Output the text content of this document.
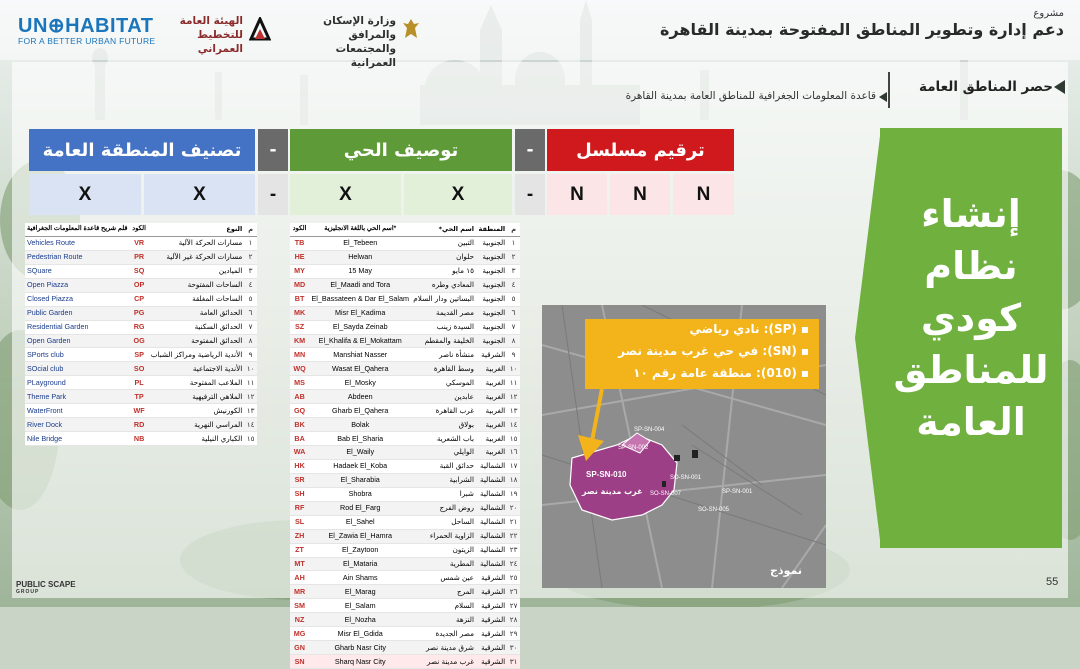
UN⊕HABITAT
FOR A BETTER URBAN FUTURE
الهيئة العامة
للتخطيط العمراني
وزارة الإسكان والمرافق
والمجتمعات العمرانية
مشروع
دعم إدارة وتطوير المناطق المفتوحة بمدينة القاهرة
حصر المناطق العامة
قاعدة المعلومات الجغرافية للمناطق العامة بمدينة القاهرة
تصنيف المنطقة العامة	-	توصيف الحي	-	ترقيم مسلسل
X	X	-	X	X	-	N	N	N	إنشاء
نظام
كودي
للمناطق
العامة
قلم شريح قاعدة المعلومات الجغرافية	الكود	النوع	م
Vehicles Route	VR	مسارات الحركة الآلية	١
Pedestrian Route	PR	مسارات الحركة غير الآلية	٢
SQuare	SQ	الميادين	٣
Open Piazza	OP	الساحات المفتوحة	٤
Closed Piazza	CP	الساحات المغلقة	٥
Public Garden	PG	الحدائق العامة	٦
Residential Garden	RG	الحدائق السكنية	٧
Open Garden	OG	الحدائق المفتوحة	٨
SPorts club	SP	الأندية الرياضية ومراكز الشباب	٩
SOcial club	SO	الأندية الاجتماعية	١٠
PLayground	PL	الملاعب المفتوحة	١١
Theme Park	TP	الملاهي الترفيهية	١٢
WaterFront	WF	الكورنيش	١٣
River Dock	RD	المراسي النهرية	١٤
Nile Bridge	NB	الكباري النيلية	١٥
الكود	اسم الحي باللغة الانجليزية*	اسم الحي*	المنطقة	م
TB	El_Tebeen	التبين	الجنوبية	١
HE	Helwan	حلوان	الجنوبية	٢
MY	15 May	١٥ مايو	الجنوبية	٣
MD	El_Maadi and Tora	المعادي وطره	الجنوبية	٤
BT	El_Bassateen & Dar El_Salam	البساتين ودار السلام	الجنوبية	٥
MK	Misr El_Kadima	مصر القديمة	الجنوبية	٦
SZ	El_Sayda Zeinab	السيدة زينب	الجنوبية	٧
KM	El_Khalifa & El_Mokattam	الخليفة والمقطم	الجنوبية	٨
MN	Manshiat Nasser	منشأة ناصر	الشرقية	٩
WQ	Wasat El_Qahera	وسط القاهرة	الغربية	١٠
MS	El_Mosky	الموسكي	الغربية	١١
AB	Abdeen	عابدين	الغربية	١٢
GQ	Gharb El_Qahera	غرب القاهرة	الغربية	١٣
BK	Bolak	بولاق	الغربية	١٤
BA	Bab El_Sharia	باب الشعرية	الغربية	١٥
WA	El_Waily	الوايلي	الغربية	١٦
HK	Hadaek El_Koba	حدائق القبة	الشمالية	١٧
SR	El_Sharabia	الشرابية	الشمالية	١٨
SH	Shobra	شبرا	الشمالية	١٩
RF	Rod El_Farg	روض الفرج	الشمالية	٢٠
SL	El_Sahel	الساحل	الشمالية	٢١
ZH	El_Zawia El_Hamra	الزاوية الحمراء	الشمالية	٢٢
ZT	El_Zaytoon	الزيتون	الشمالية	٢٣
MT	El_Mataria	المطرية	الشمالية	٢٤
AH	Ain Shams	عين شمس	الشرقية	٢٥
MR	El_Marag	المرج	الشرقية	٢٦
SM	El_Salam	السلام	الشرقية	٢٧
NZ	El_Nozha	النزهة	الشرقية	٢٨
MG	Misr El_Gdida	مصر الجديدة	الشرقية	٢٩
GN	Gharb Nasr City	شرق مدينة نصر	الشرقية	٣٠
SN	Sharq Nasr City	غرب مدينة نصر	الشرقية	٣١
SP-SN-010
غرب مدينة نصر
SP-SN-004
SP-SN-002
SO-SN-001
SO-SN-007	SP-SN-001
SO-SN-005
▪ (SP): نادي رياضي
▪ (SN): في حي غرب مدينة نصر
▪ (010): منطقة عامة رقم ١٠
نموذج
PUBLIC SCAPE
GROUP
55
